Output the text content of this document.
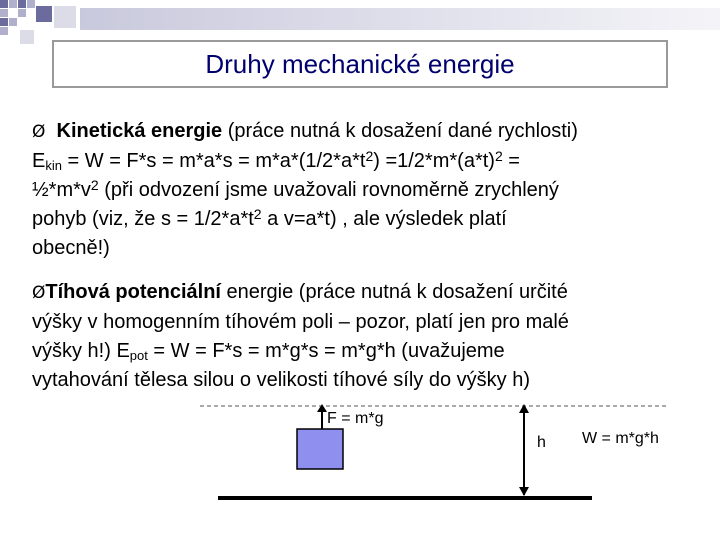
Druhy mechanické energie
Ø Kinetická energie (práce nutná k dosažení dané rychlosti)
$E_{kin} = W = F*s = m*a*s = m*a*(1/2*a*t^2) =1/2*m*(a*t)^2$ =
$\frac{1}{2}*m*v^2$ (při odvození jsme uvažovali rovnoměrně zrychlený
pohyb (viz, že $s = 1/2*a*t^2$ a v=a*t) , ale výsledek platí
obecně!)
ØTíhová potenciální energie (práce nutná k dosažení určité
výšky v homogenním tíhovém poli – pozor, platí jen pro malé
výšky h!) $E_{pot} = W = F*s = m*g*s = m*g*h$ (uvažujeme
vytahování tělesa silou o velikosti tíhové síly do výšky h)
F = m*g
h W = m*g*h
